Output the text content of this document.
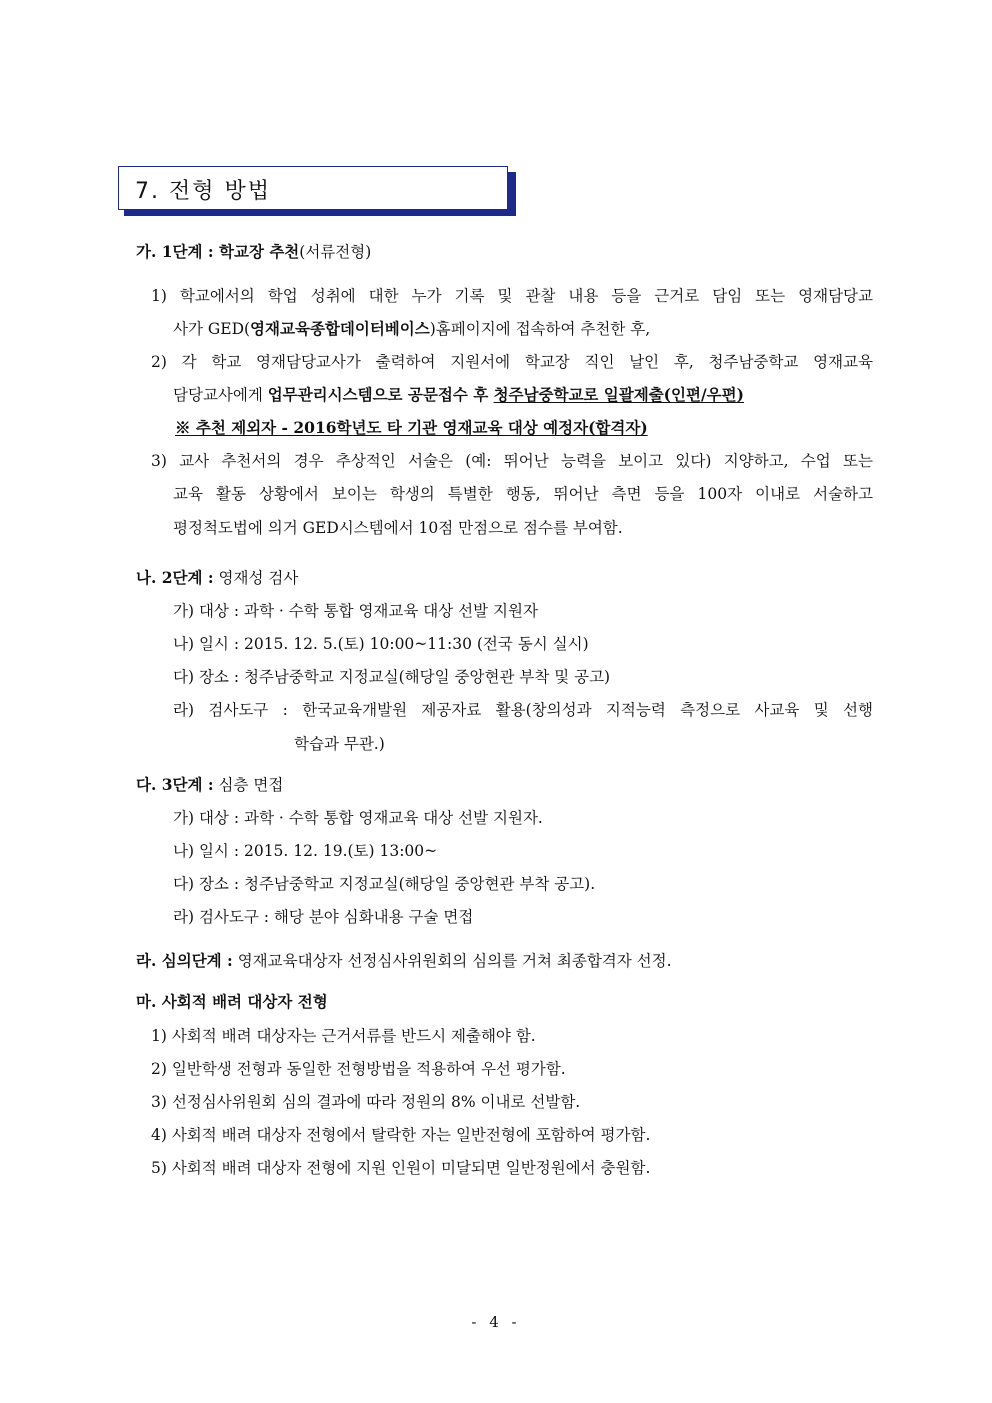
7. 전형 방법
가. 1단계 : 학교장 추천(서류전형)
1) 학교에서의 학업 성취에 대한 누가 기록 및 관찰 내용 등을 근거로 담임 또는 영재담당교
사가 GED(영재교육종합데이터베이스)홈페이지에 접속하여 추천한 후,
2) 각 학교 영재담당교사가 출력하여 지원서에 학교장 직인 날인 후, 청주남중학교 영재교육
담당교사에게 업무관리시스템으로 공문접수 후 청주남중학교로 일괄제출(인편/우편)
※ 추천 제외자 - 2016학년도 타 기관 영재교육 대상 예정자(합격자)
3) 교사 추천서의 경우 추상적인 서술은 (예: 뛰어난 능력을 보이고 있다) 지양하고, 수업 또는
교육 활동 상황에서 보이는 학생의 특별한 행동, 뛰어난 측면 등을 100자 이내로 서술하고
평정척도법에 의거 GED시스템에서 10점 만점으로 점수를 부여함.
나. 2단계 : 영재성 검사
가) 대상 : 과학 · 수학 통합 영재교육 대상 선발 지원자
나) 일시 : 2015. 12. 5.(토) 10:00~11:30 (전국 동시 실시)
다) 장소 : 청주남중학교 지정교실(해당일 중앙현관 부착 및 공고)
라) 검사도구 : 한국교육개발원 제공자료 활용(창의성과 지적능력 측정으로 사교육 및 선행
학습과 무관.)
다. 3단계 : 심층 면접
가) 대상 : 과학 · 수학 통합 영재교육 대상 선발 지원자.
나) 일시 : 2015. 12. 19.(토) 13:00~
다) 장소 : 청주남중학교 지정교실(해당일 중앙현관 부착 공고).
라) 검사도구 : 해당 분야 심화내용 구술 면접
라. 심의단계 : 영재교육대상자 선정심사위원회의 심의를 거쳐 최종합격자 선정.
마. 사회적 배려 대상자 전형
1) 사회적 배려 대상자는 근거서류를 반드시 제출해야 함.
2) 일반학생 전형과 동일한 전형방법을 적용하여 우선 평가함.
3) 선정심사위원회 심의 결과에 따라 정원의 8% 이내로 선발함.
4) 사회적 배려 대상자 전형에서 탈락한 자는 일반전형에 포함하여 평가함.
5) 사회적 배려 대상자 전형에 지원 인원이 미달되면 일반정원에서 충원함.
- 4 -
